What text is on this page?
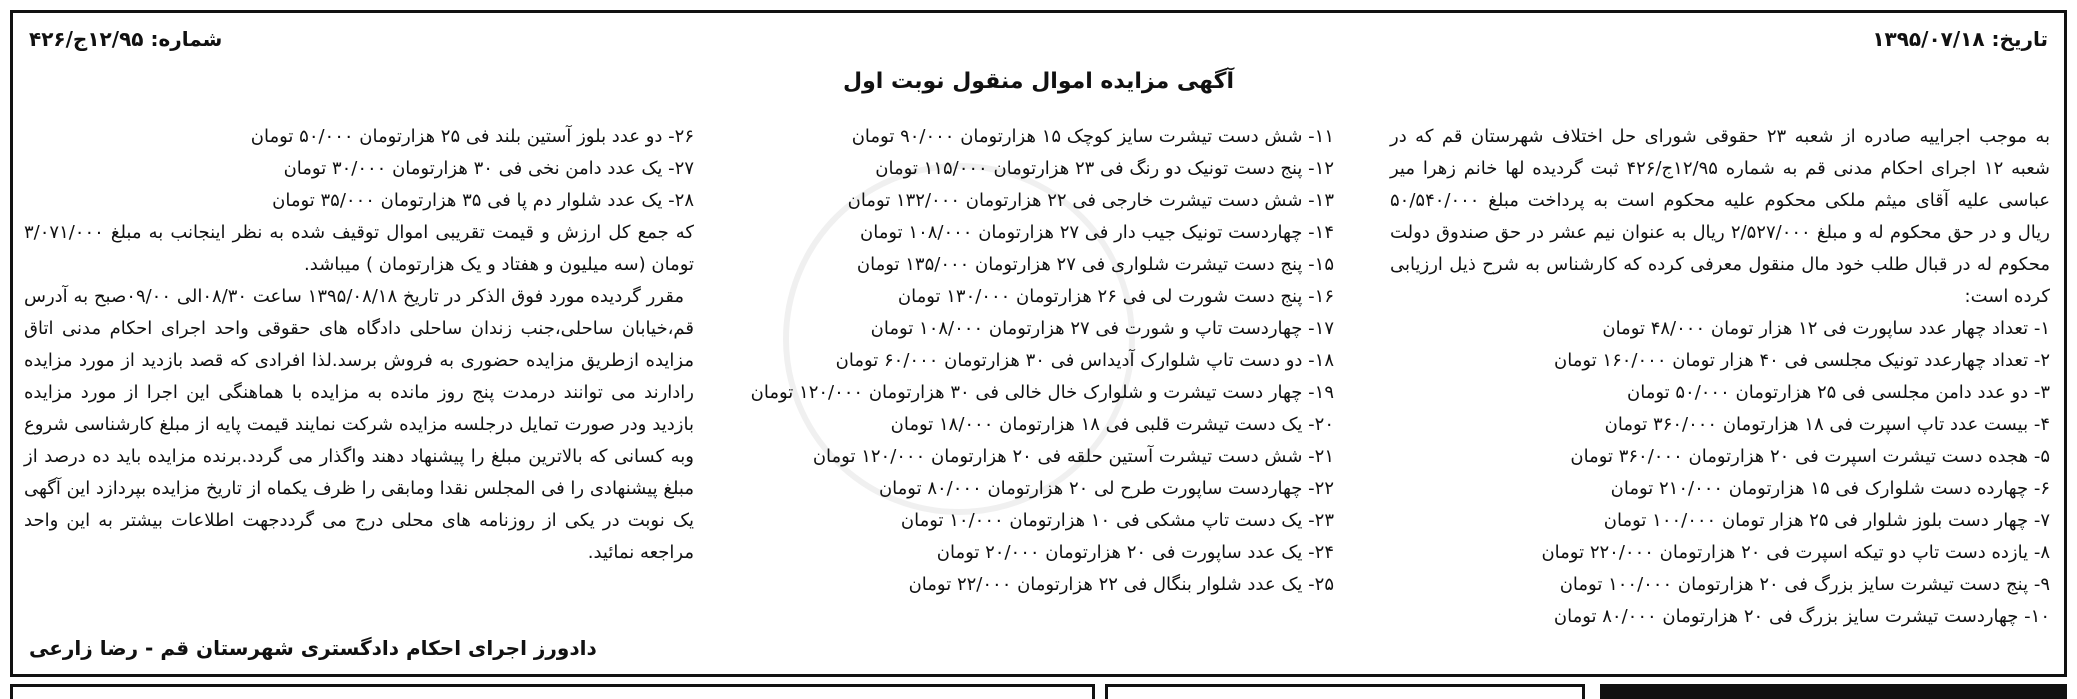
تاریخ: ۱۳۹۵/۰۷/۱۸
شماره: ۱۲/۹۵ج/۴۲۶
آگهی مزایده اموال منقول نوبت اول
به موجب اجراییه صادره از شعبه ۲۳ حقوقی شورای حل اختلاف شهرستان قم که در شعبه ۱۲ اجرای احکام مدنی قم به شماره ۱۲/۹۵ج/۴۲۶ ثبت گردیده لها خانم زهرا میر عباسی علیه آقای میثم ملکی محکوم علیه محکوم است به پرداخت مبلغ ۵۰/۵۴۰/۰۰۰ ریال و در حق محکوم له و مبلغ ۲/۵۲۷/۰۰۰ ریال به عنوان نیم عشر در حق صندوق دولت محکوم له در قبال طلب خود مال منقول معرفی کرده که کارشناس به شرح ذیل ارزیابی کرده است:
۱- تعداد چهار عدد ساپورت فی ۱۲ هزار تومان ۴۸/۰۰۰ تومان
۲- تعداد چهارعدد تونیک مجلسی فی ۴۰ هزار تومان ۱۶۰/۰۰۰ تومان
۳- دو عدد دامن مجلسی فی ۲۵ هزارتومان ۵۰/۰۰۰ تومان
۴- بیست عدد تاپ اسپرت فی ۱۸ هزارتومان ۳۶۰/۰۰۰ تومان
۵- هجده دست تیشرت اسپرت فی ۲۰ هزارتومان ۳۶۰/۰۰۰ تومان
۶- چهارده دست شلوارک فی ۱۵ هزارتومان ۲۱۰/۰۰۰ تومان
۷- چهار دست بلوز شلوار فی ۲۵ هزار تومان ۱۰۰/۰۰۰ تومان
۸- یازده دست تاپ دو تیکه اسپرت فی ۲۰ هزارتومان ۲۲۰/۰۰۰ تومان
۹- پنج دست تیشرت سایز بزرگ فی ۲۰ هزارتومان ۱۰۰/۰۰۰ تومان
۱۰- چهاردست تیشرت سایز بزرگ فی ۲۰ هزارتومان ۸۰/۰۰۰ تومان
۱۱- شش دست تیشرت سایز کوچک ۱۵ هزارتومان ۹۰/۰۰۰ تومان
۱۲- پنج دست تونیک دو رنگ فی ۲۳ هزارتومان ۱۱۵/۰۰۰ تومان
۱۳- شش دست تیشرت خارجی فی ۲۲ هزارتومان ۱۳۲/۰۰۰ تومان
۱۴- چهاردست تونیک جیب دار فی ۲۷ هزارتومان ۱۰۸/۰۰۰ تومان
۱۵- پنج دست تیشرت شلواری فی ۲۷ هزارتومان ۱۳۵/۰۰۰ تومان
۱۶- پنج دست شورت لی فی ۲۶ هزارتومان ۱۳۰/۰۰۰ تومان
۱۷- چهاردست تاپ و شورت فی ۲۷ هزارتومان ۱۰۸/۰۰۰ تومان
۱۸- دو دست تاپ شلوارک آدیداس فی ۳۰ هزارتومان ۶۰/۰۰۰ تومان
۱۹- چهار دست تیشرت و شلوارک خال خالی فی ۳۰ هزارتومان ۱۲۰/۰۰۰ تومان
۲۰- یک دست تیشرت قلبی فی ۱۸ هزارتومان ۱۸/۰۰۰ تومان
۲۱- شش دست تیشرت آستین حلقه فی ۲۰ هزارتومان ۱۲۰/۰۰۰ تومان
۲۲- چهاردست ساپورت طرح لی ۲۰ هزارتومان ۸۰/۰۰۰ تومان
۲۳- یک دست تاپ مشکی فی ۱۰ هزارتومان ۱۰/۰۰۰ تومان
۲۴- یک عدد ساپورت فی ۲۰ هزارتومان ۲۰/۰۰۰ تومان
۲۵- یک عدد شلوار بنگال فی ۲۲ هزارتومان ۲۲/۰۰۰ تومان
۲۶- دو عدد بلوز آستین بلند فی ۲۵ هزارتومان ۵۰/۰۰۰ تومان
۲۷- یک عدد دامن نخی فی ۳۰ هزارتومان ۳۰/۰۰۰ تومان
۲۸- یک عدد شلوار دم پا فی ۳۵ هزارتومان ۳۵/۰۰۰ تومان
که جمع کل ارزش و قیمت تقریبی اموال توقیف شده به نظر اینجانب به مبلغ ۳/۰۷۱/۰۰۰ تومان (سه میلیون و هفتاد و یک هزارتومان ) میباشد.
مقرر گردیده مورد فوق الذکر در تاریخ ۱۳۹۵/۰۸/۱۸ ساعت ۰۸/۳۰الی ۰۹/۰۰صبح به آدرس قم،خیابان ساحلی،جنب زندان ساحلی دادگاه های حقوقی واحد اجرای احکام مدنی اتاق مزایده ازطریق مزایده حضوری به فروش برسد.لذا افرادی که قصد بازدید از مورد مزایده رادارند می توانند درمدت پنج روز مانده به مزایده با هماهنگی این اجرا از مورد مزایده بازدید ودر صورت تمایل درجلسه مزایده شرکت نمایند قیمت پایه از مبلغ کارشناسی شروع وبه کسانی که بالاترین مبلغ را پیشنهاد دهند واگذار می گردد.برنده مزایده باید ده درصد از مبلغ پیشنهادی را فی المجلس نقدا ومابقی را ظرف یکماه از تاریخ مزایده بپردازد این آگهی یک نوبت در یکی از روزنامه های محلی درج می گرددجهت اطلاعات بیشتر به این واحد مراجعه نمائید.
دادورز اجرای احکام دادگستری شهرستان قم - رضا زارعی
